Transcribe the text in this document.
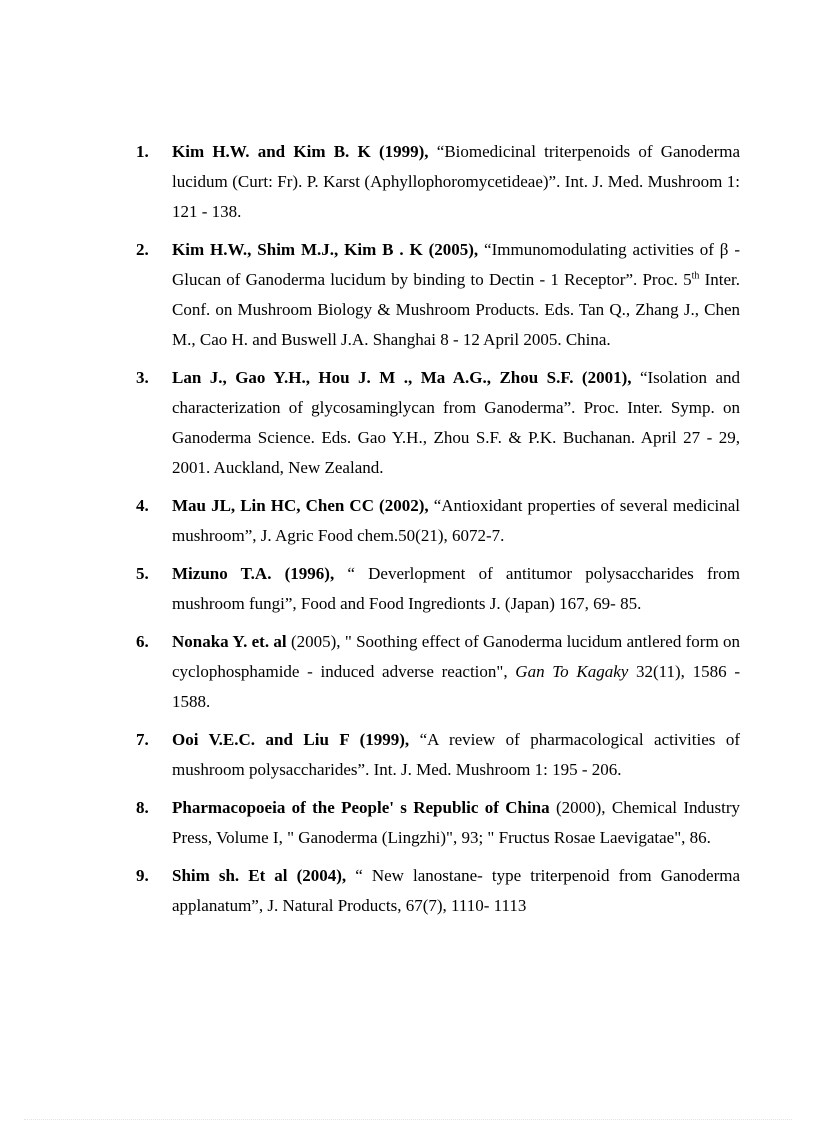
1.	Kim H.W. and Kim B. K (1999), “Biomedicinal triterpenoids of Ganoderma lucidum (Curt: Fr). P. Karst (Aphyllophoromycetideae)”. Int. J. Med. Mushroom 1: 121 - 138.
2.	Kim H.W., Shim M.J., Kim B . K (2005), “Immunomodulating activities of β - Glucan of Ganoderma lucidum by binding to Dectin - 1 Receptor”. Proc. 5th Inter. Conf. on Mushroom Biology & Mushroom Products. Eds. Tan Q., Zhang J., Chen M., Cao H. and Buswell J.A. Shanghai 8 - 12 April 2005. China.
3.	Lan J., Gao Y.H., Hou J. M ., Ma A.G., Zhou S.F. (2001), “Isolation and characterization of glycosaminglycan from Ganoderma”. Proc. Inter. Symp. on Ganoderma Science. Eds. Gao Y.H., Zhou S.F. & P.K. Buchanan. April 27 - 29, 2001. Auckland, New Zealand.
4.	Mau JL, Lin HC, Chen CC (2002), “Antioxidant properties of several medicinal mushroom”, J. Agric Food chem.50(21), 6072-7.
5.	Mizuno T.A. (1996), “ Deverlopment of antitumor polysaccharides from mushroom fungi”, Food and Food Ingredionts J. (Japan) 167, 69- 85.
6.	Nonaka Y. et. al (2005), " Soothing effect of Ganoderma lucidum antlered form on cyclophosphamide - induced adverse reaction", Gan To Kagaky 32(11), 1586 - 1588.
7.	Ooi V.E.C. and Liu F (1999), “A review of pharmacological activities of mushroom polysaccharides”. Int. J. Med. Mushroom 1: 195 - 206.
8.	Pharmacopoeia of the People' s Republic of China (2000), Chemical Industry Press, Volume I, " Ganoderma (Lingzhi)", 93; " Fructus Rosae Laevigatae", 86.
9.	Shim sh. Et al (2004), “ New lanostane- type triterpenoid from Ganoderma applanatum”, J. Natural Products, 67(7), 1110- 1113
